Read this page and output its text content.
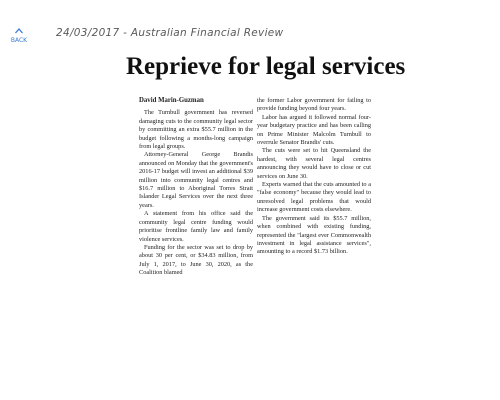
BACK
24/03/2017 - Australian Financial Review
Reprieve for legal services
David Marin-Guzman

The Turnbull government has reversed damaging cuts to the community legal sector by committing an extra $55.7 million in the budget following a months-long campaign from legal groups.

Attorney-General George Brandis announced on Monday that the government's 2016-17 budget will invest an additional $39 million into community legal centres and $16.7 million to Aboriginal Torres Strait Islander Legal Services over the next three years.

A statement from his office said the community legal centre funding would prioritise frontline family law and family violence services.

Funding for the sector was set to drop by about 30 per cent, or $34.83 million, from July 1, 2017, to June 30, 2020, as the Coalition blamed

the former Labor government for failing to provide funding beyond four years.

Labor has argued it followed normal four-year budgetary practice and has been calling on Prime Minister Malcolm Turnbull to overrule Senator Brandis' cuts.

The cuts were set to hit Queensland the hardest, with several legal centres announcing they would have to close or cut services on June 30.

Experts warned that the cuts amounted to a "false economy" because they would lead to unresolved legal problems that would increase government costs elsewhere.

The government said its $55.7 million, when combined with existing funding, represented the "largest ever Commonwealth investment in legal assistance services", amounting to a record $1.73 billion.
